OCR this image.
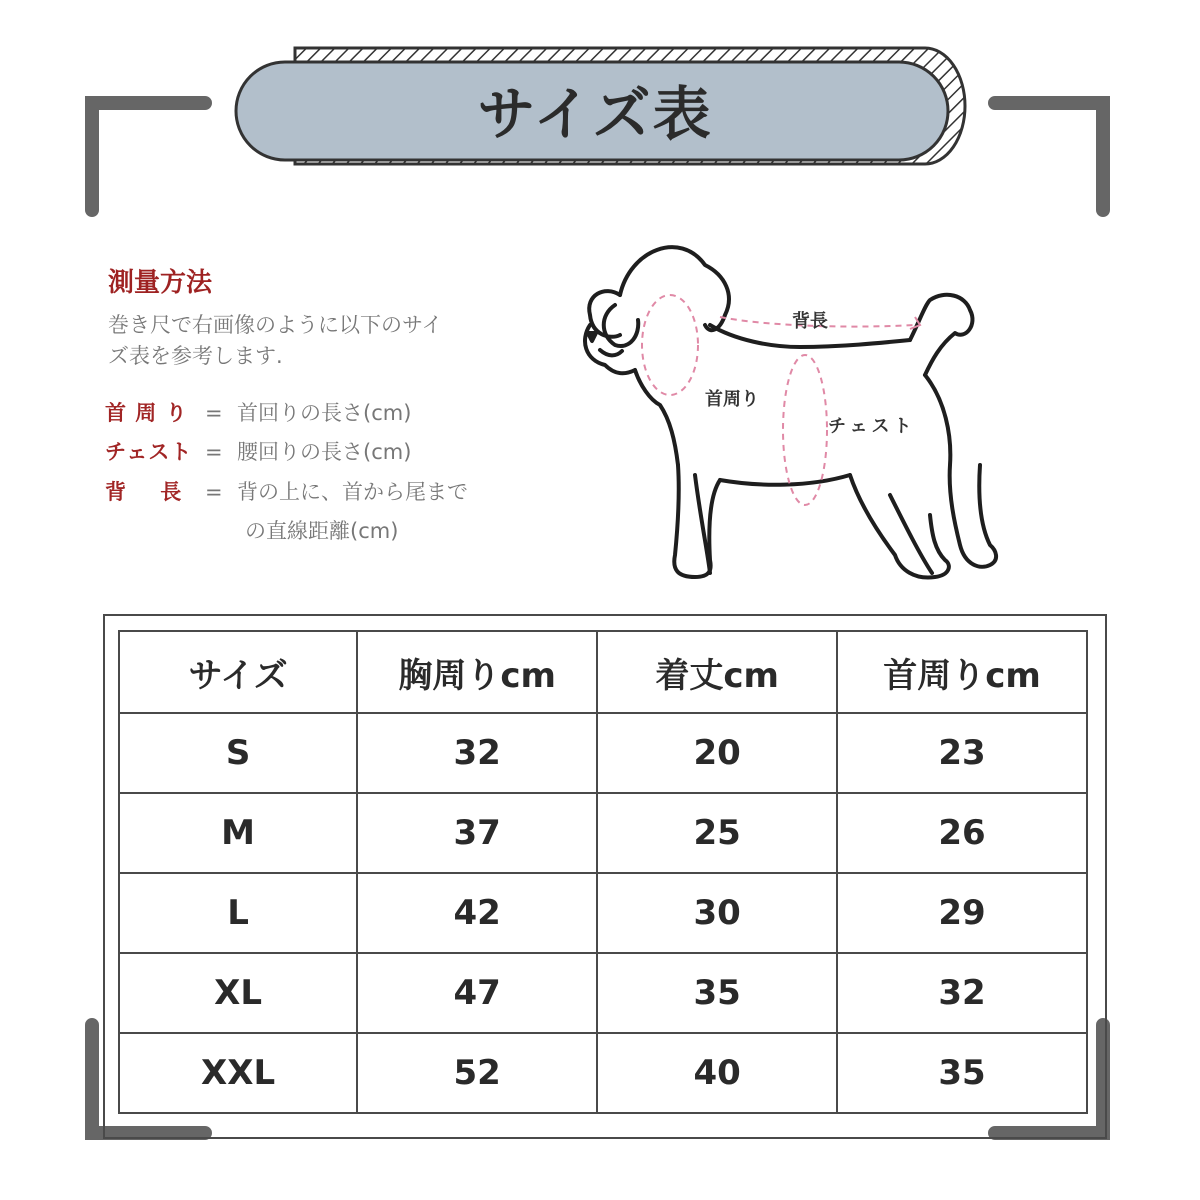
サイズ表
測量方法
巻き尺で右画像のように以下のサイ
ズ表を参考します.
首 周 り = 首回りの長さ(cm)
チェスト = 腰回りの長さ(cm)
背    長	= 背の上に、首から尾まで
の直線距離(cm)
背長
首周り
チェスト
サイズ	胸周りcm	着丈cm	首周りcm
S	32	20	23
M	37	25	26
L	42	30	29
XL	47	35	32
XXL	52	40	35
